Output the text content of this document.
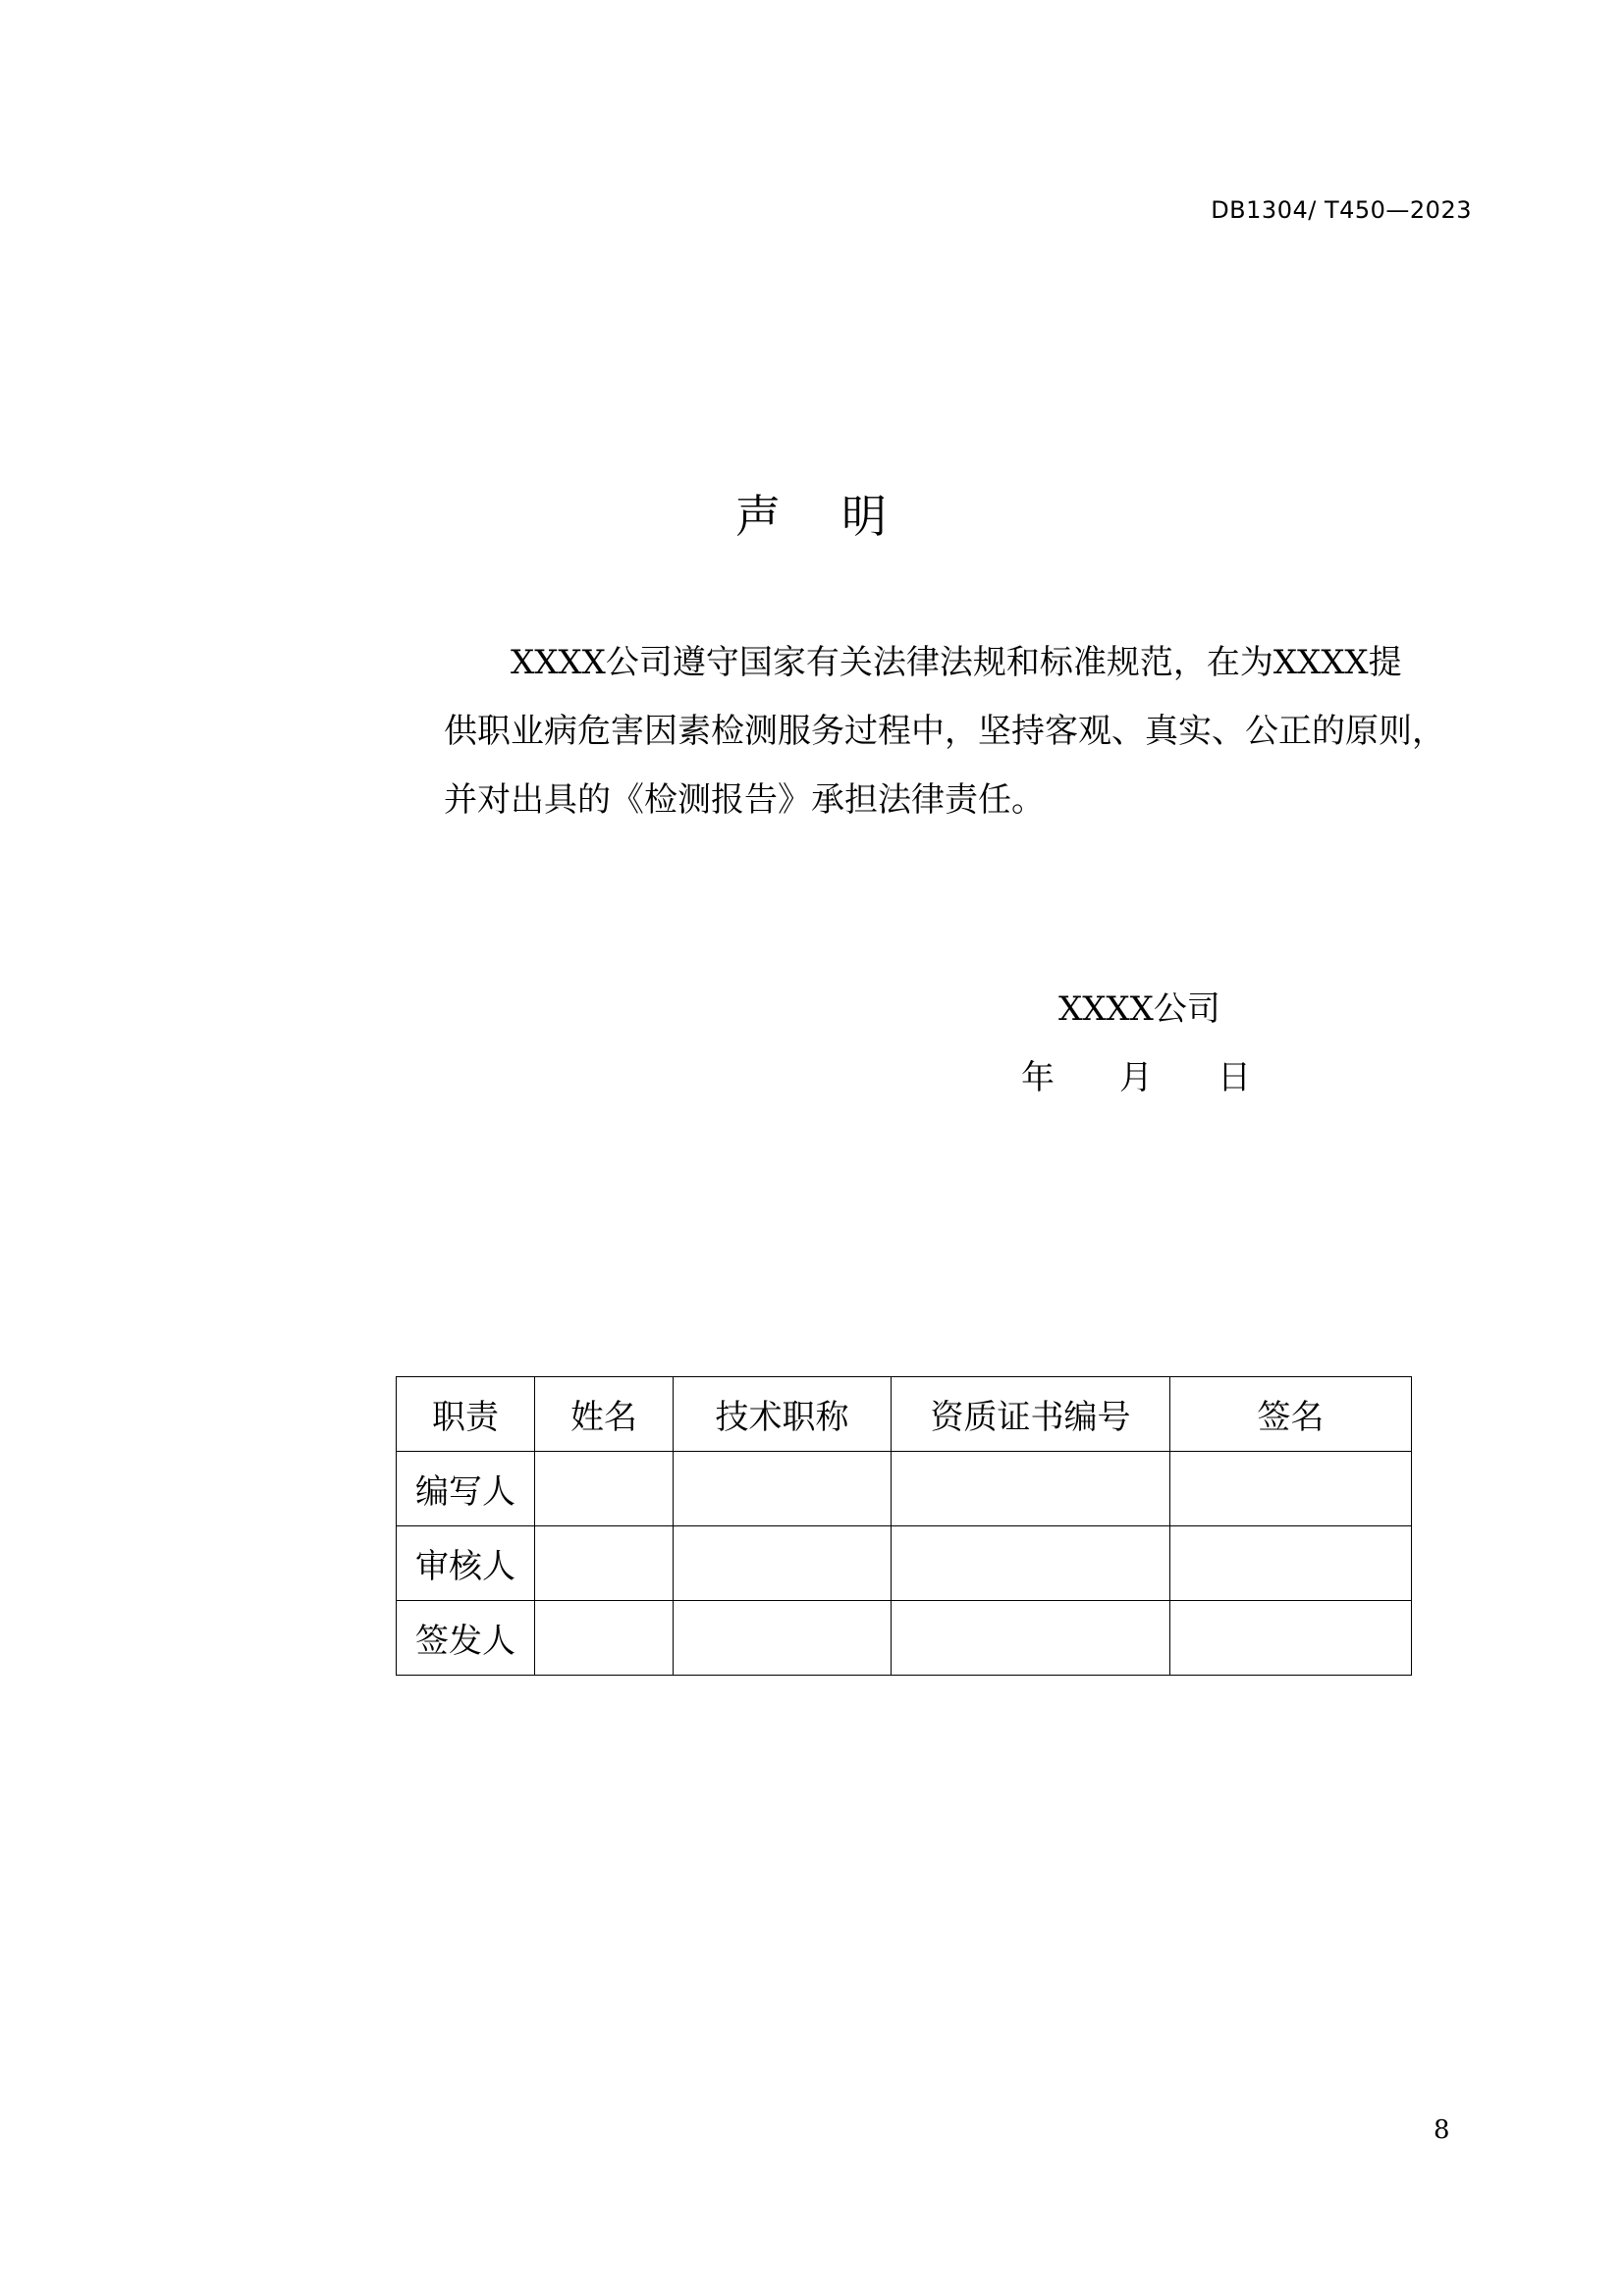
DB1304/ T450—2023
声 明

XXXX公司遵守国家有关法律法规和标准规范，在为XXXX提

供职业病危害因素检测服务过程中，坚持客观、真实、公正的原则，

并对出具的《检测报告》承担法律责任。

XXXX公司
年 月 日
职责	姓名	技术职称	资质证书编号	签名
编写人				
审核人				
签发人				
8
